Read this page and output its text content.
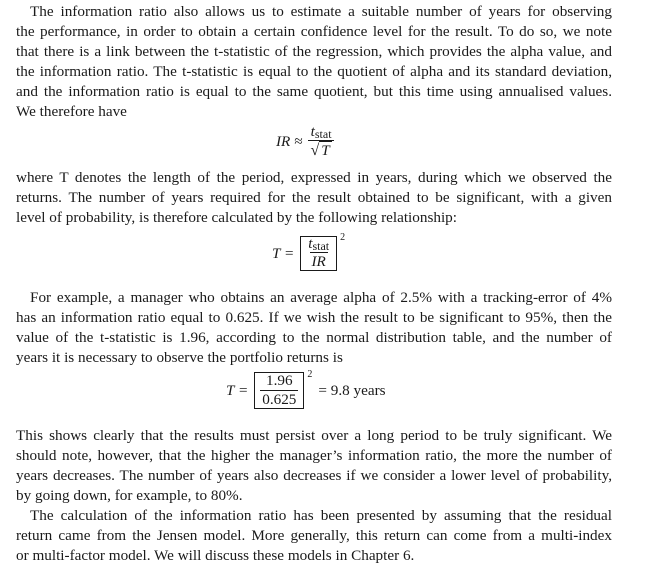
The information ratio also allows us to estimate a suitable number of years for observing
the performance, in order to obtain a certain confidence level for the result. To do so, we note
that there is a link between the t-statistic of the regression, which provides the alpha value, and
the information ratio. The t-statistic is equal to the quotient of alpha and its standard deviation,
and the information ratio is equal to the same quotient, but this time using annualised values.
We therefore have
IR ≈ $\frac{\text{tstat}}{√ T}$
where T denotes the length of the period, expressed in years, during which we observed the
returns. The number of years required for the result obtained to be significant, with a given
level of probability, is therefore calculated by the following relationship:
$T = \frac{\text{tstat}}{IR} 2$
For example, a manager who obtains an average alpha of 2.5% with a tracking-error of 4%
has an information ratio equal to 0.625. If we wish the result to be significant to 95%, then the
value of the t-statistic is 1.96, according to the normal distribution table, and the number of
years it is necessary to observe the portfolio returns is
$T = \frac{1.96}{0.625} 2$
= 9.8 years
This shows clearly that the results must persist over a long period to be truly significant. We
should note, however, that the higher the manager’s information ratio, the more the number of
years decreases. The number of years also decreases if we consider a lower level of probability,
by going down, for example, to 80%.
The calculation of the information ratio has been presented by assuming that the residual
return came from the Jensen model. More generally, this return can come from a multi-index
or multi-factor model. We will discuss these models in Chapter 6.
